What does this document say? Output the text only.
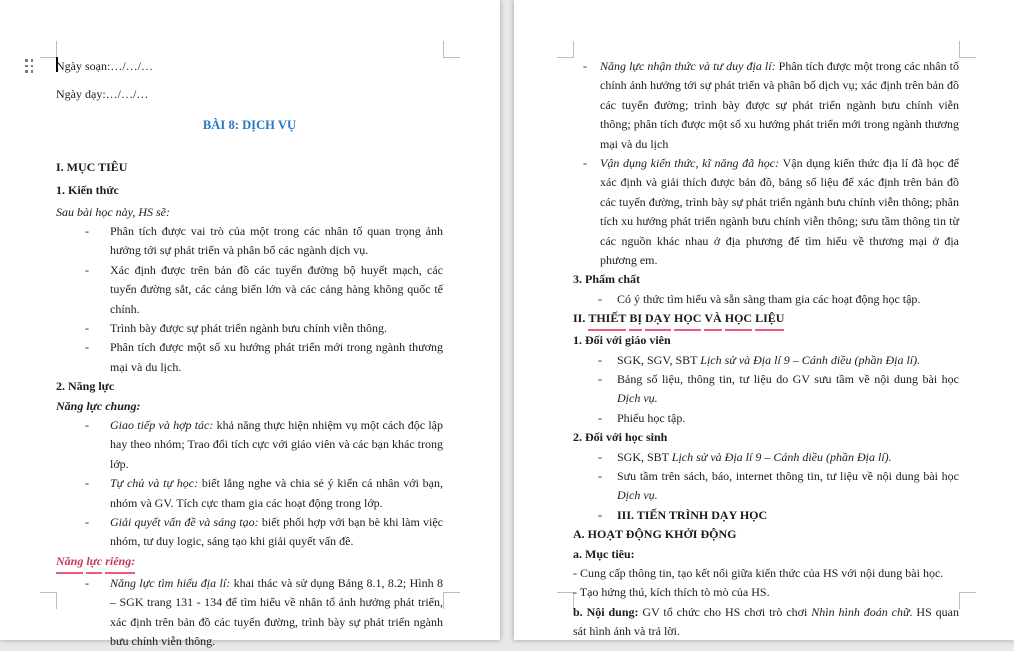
Ngày soạn:…/…/…

Ngày dạy:…/…/…

BÀI 8: DỊCH VỤ

I. MỤC TIÊU

1. Kiến thức

Sau bài học này, HS sẽ:

- Phân tích được vai trò của một trong các nhân tố quan trọng ảnh hưởng tới sự phát triển và phân bố các ngành dịch vụ.
- Xác định được trên bản đồ các tuyến đường bộ huyết mạch, các tuyến đường sắt, các cảng biển lớn và các cảng hàng không quốc tế chính.
- Trình bày được sự phát triển ngành bưu chính viễn thông.
- Phân tích được một số xu hướng phát triển mới trong ngành thương mại và du lịch.

2. Năng lực

Năng lực chung:

- Giao tiếp và hợp tác: khả năng thực hiện nhiệm vụ một cách độc lập hay theo nhóm; Trao đổi tích cực với giáo viên và các bạn khác trong lớp.
- Tự chủ và tự học: biết lắng nghe và chia sẻ ý kiến cá nhân với bạn, nhóm và GV. Tích cực tham gia các hoạt động trong lớp.
- Giải quyết vấn đề và sáng tạo: biết phối hợp với bạn bè khi làm việc nhóm, tư duy logic, sáng tạo khi giải quyết vấn đề.

Năng lực riêng:

- Năng lực tìm hiểu địa lí: khai thác và sử dụng Bảng 8.1, 8.2; Hình 8 – SGK trang 131 - 134 để tìm hiểu về nhân tố ảnh hưởng phát triển, xác định trên bản đồ các tuyến đường, trình bày sự phát triển ngành bưu chính viễn thông.
- Năng lực nhận thức và tư duy địa lí: Phân tích được một trong các nhân tố chính ảnh hưởng tới sự phát triển và phân bố dịch vụ; xác định trên bản đồ các tuyến đường; trình bày được sự phát triển ngành bưu chính viễn thông; phân tích được một số xu hướng phát triển mới trong ngành thương mại và du lịch
- Vận dụng kiến thức, kĩ năng đã học: Vận dụng kiến thức địa lí đã học để xác định và giải thích được bản đồ, bảng số liệu để xác định trên bản đồ các tuyến đường, trình bày sự phát triển ngành bưu chính viễn thông; phân tích xu hướng phát triển ngành bưu chính viễn thông; sưu tầm thông tin từ các nguồn khác nhau ở địa phương để tìm hiểu về thương mại ở địa phương em.

3. Phẩm chất

- Có ý thức tìm hiểu và sẵn sàng tham gia các hoạt động học tập.

II. THIẾT BỊ DẠY HỌC VÀ HỌC LIỆU

1. Đối với giáo viên

- SGK, SGV, SBT Lịch sử và Địa lí 9 – Cánh diều (phần Địa lí).
- Bảng số liệu, thông tin, tư liệu do GV sưu tầm về nội dung bài học Dịch vụ.
- Phiếu học tập.

2. Đối với học sinh

- SGK, SBT Lịch sử và Địa lí 9 – Cánh diều (phần Địa lí).
- Sưu tầm trên sách, báo, internet thông tin, tư liệu về nội dung bài học Dịch vụ.
- III. TIẾN TRÌNH DẠY HỌC

A. HOẠT ĐỘNG KHỞI ĐỘNG

a. Mục tiêu:

- Cung cấp thông tin, tạo kết nối giữa kiến thức của HS với nội dung bài học.

- Tạo hứng thú, kích thích tò mò của HS.

b. Nội dung: GV tổ chức cho HS chơi trò chơi Nhìn hình đoán chữ. HS quan sát hình ảnh và trả lời.
